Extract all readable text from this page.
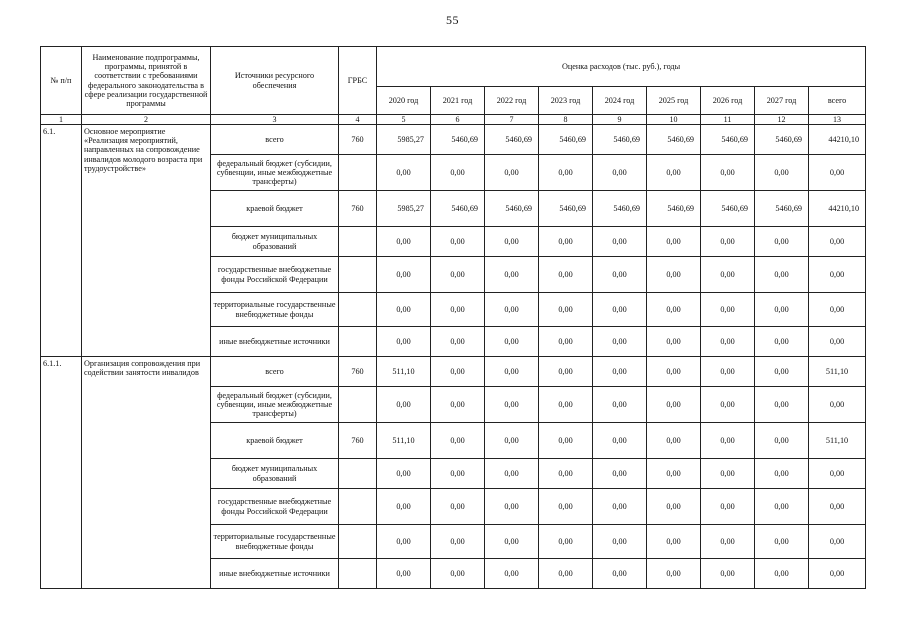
55
№ п/п	Наименование подпрограммы, программы, принятой в соответствии с требованиями федерального законодательства в сфере реализации государственной программы	Источники ресурсного обеспечения	ГРБС	Оценка расходов (тыс. руб.), годы								
				2020 год	2021 год	2022 год	2023 год	2024 год	2025 год	2026 год	2027 год	всего
1	2	3	4	5	6	7	8	9	10	11	12	13
6.1.	Основное мероприятие «Реализация мероприятий, направленных на сопровождение инвалидов молодого возраста при трудоустройстве»	всего	760	5985,27	5460,69	5460,69	5460,69	5460,69	5460,69	5460,69	5460,69	44210,10
		федеральный бюджет (субсидии, субвенции, иные межбюджетные трансферты)		0,00	0,00	0,00	0,00	0,00	0,00	0,00	0,00	0,00
		краевой бюджет	760	5985,27	5460,69	5460,69	5460,69	5460,69	5460,69	5460,69	5460,69	44210,10
		бюджет муниципальных образований		0,00	0,00	0,00	0,00	0,00	0,00	0,00	0,00	0,00
		государственные внебюджетные фонды Российской Федерации		0,00	0,00	0,00	0,00	0,00	0,00	0,00	0,00	0,00
		территориальные государственные внебюджетные фонды		0,00	0,00	0,00	0,00	0,00	0,00	0,00	0,00	0,00
		иные внебюджетные источники		0,00	0,00	0,00	0,00	0,00	0,00	0,00	0,00	0,00
6.1.1.	Организация сопровождения при содействии занятости инвалидов	всего	760	511,10	0,00	0,00	0,00	0,00	0,00	0,00	0,00	511,10
		федеральный бюджет (субсидии, субвенции, иные межбюджетные трансферты)		0,00	0,00	0,00	0,00	0,00	0,00	0,00	0,00	0,00
		краевой бюджет	760	511,10	0,00	0,00	0,00	0,00	0,00	0,00	0,00	511,10
		бюджет муниципальных образований		0,00	0,00	0,00	0,00	0,00	0,00	0,00	0,00	0,00
		государственные внебюджетные фонды Российской Федерации		0,00	0,00	0,00	0,00	0,00	0,00	0,00	0,00	0,00
		территориальные государственные внебюджетные фонды		0,00	0,00	0,00	0,00	0,00	0,00	0,00	0,00	0,00
		иные внебюджетные источники		0,00	0,00	0,00	0,00	0,00	0,00	0,00	0,00	0,00
